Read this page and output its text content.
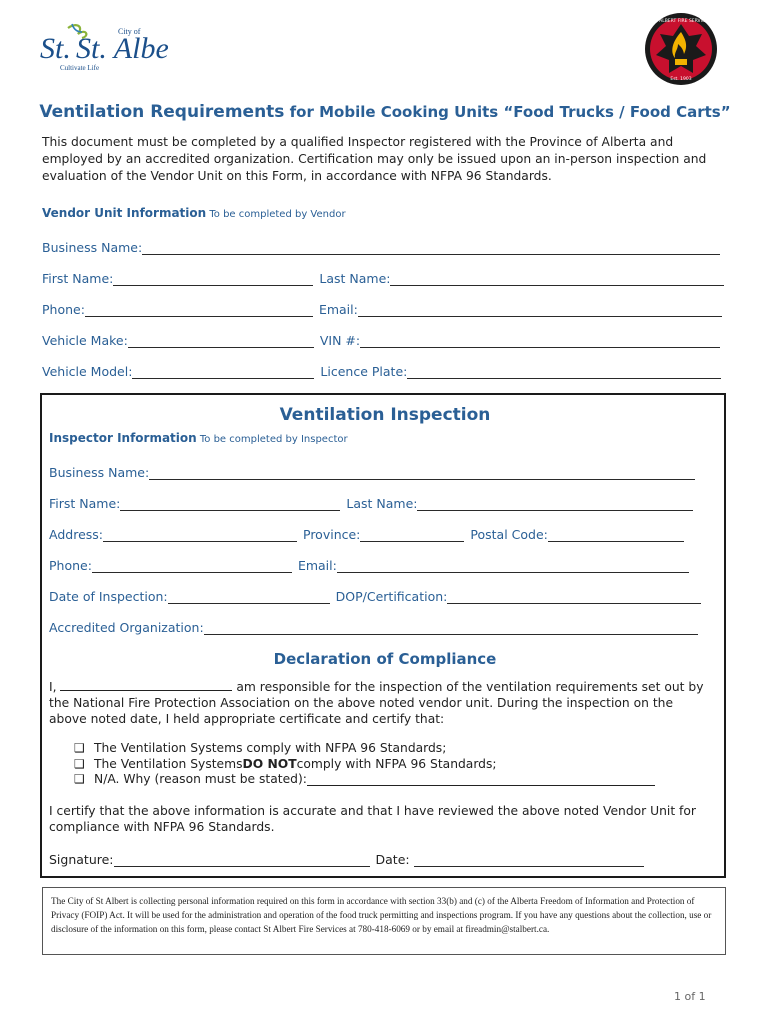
St. St. Albe
City of
Cultivate Life
ST. ALBERT FIRE SERVICES
Est. 1903
Ventilation Requirements for Mobile Cooking Units “Food Trucks / Food Carts”
This document must be completed by a qualified Inspector registered with the Province of Alberta and employed by an accredited organization. Certification may only be issued upon an in-person inspection and evaluation of the Vendor Unit on this Form, in accordance with NFPA 96 Standards.
Vendor Unit Information To be completed by Vendor
Business Name:
First Name:	Last Name:
Phone:	Email:
Vehicle Make:	VIN #:
Vehicle Model:	Licence Plate:
Ventilation Inspection
Inspector Information To be completed by Inspector
Business Name:
First Name:	Last Name:
Address:	Province:	Postal Code:
Phone:	Email:
Date of Inspection:	DOP/Certification:
Accredited Organization:
Declaration of Compliance
I,	am responsible for the inspection of the ventilation requirements set out by the National Fire Protection Association on the above noted vendor unit. During the inspection on the above noted date, I held appropriate certificate and certify that:
❑ The Ventilation Systems comply with NFPA 96 Standards;
❑ The Ventilation Systems DO NOT comply with NFPA 96 Standards;
❑ N/A. Why (reason must be stated):
I certify that the above information is accurate and that I have reviewed the above noted Vendor Unit for compliance with NFPA 96 Standards.
Signature:	Date:
The City of St Albert is collecting personal information required on this form in accordance with section 33(b) and (c) of the Alberta Freedom of Information and Protection of Privacy (FOIP) Act. It will be used for the administration and operation of the food truck permitting and inspections program. If you have any questions about the collection, use or disclosure of the information on this form, please contact St Albert Fire Services at 780-418-6069 or by email at fireadmin@stalbert.ca.
1 of 1
